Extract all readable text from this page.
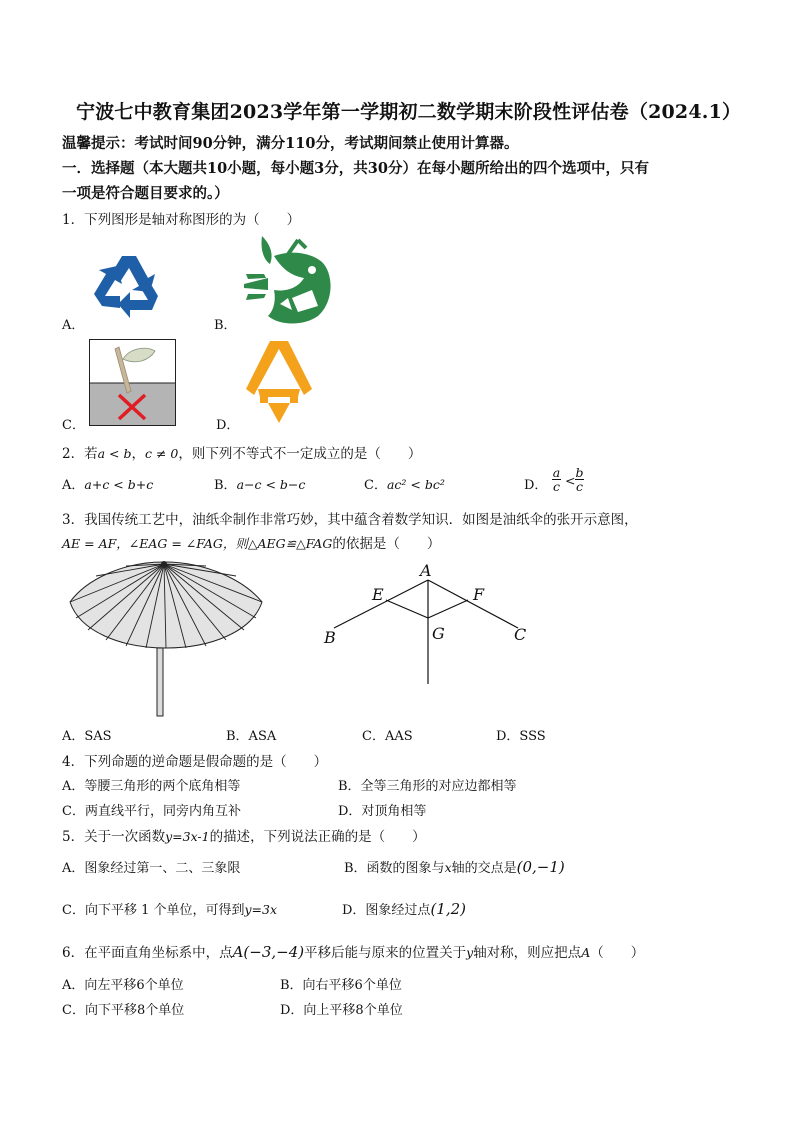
宁波七中教育集团2023学年第一学期初二数学期末阶段性评估卷（2024.1）
温馨提示：考试时间90分钟，满分110分，考试期间禁止使用计算器。
一．选择题（本大题共10小题，每小题3分，共30分）在每小题所给出的四个选项中，只有
一项是符合题目要求的。）
1．下列图形是轴对称图形的为（　　）
A．	B．
C．	D．
2．若a < b，c ≠ 0，则下列不等式不一定成立的是（　　）
A．a+c < b+c	B．a−c < b−c	C．ac² < bc²	D．
a
c <
b
c
3．我国传统工艺中，油纸伞制作非常巧妙，其中蕴含着数学知识．如图是油纸伞的张开示意图，
AE = AF，∠EAG = ∠FAG，则△AEG≌△FAG的依据是（　　）
A
E	F
G
B	C
A．SAS	B．ASA	C．AAS	D．SSS
4．下列命题的逆命题是假命题的是（　　）
A．等腰三角形的两个底角相等	B．全等三角形的对应边都相等
C．两直线平行，同旁内角互补	D．对顶角相等
5．关于一次函数y=3x-1的描述，下列说法正确的是（　　）
A．图象经过第一、二、三象限	B．函数的图象与x轴的交点是(0,−1)
C．向下平移 1 个单位，可得到y=3x	D．图象经过点(1,2)
6．在平面直角坐标系中，点A(−3,−4)平移后能与原来的位置关于y轴对称，则应把点A（　　）
A．向左平移6个单位	B．向右平移6个单位
C．向下平移8个单位	D．向上平移8个单位
